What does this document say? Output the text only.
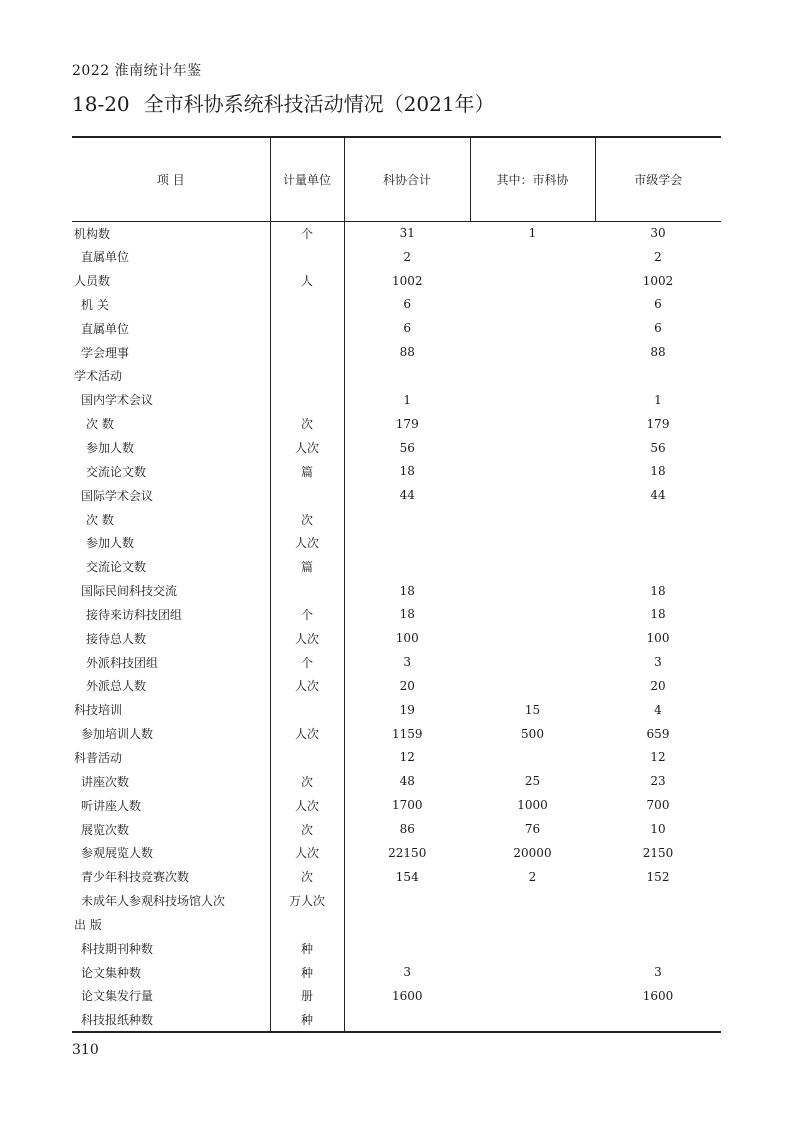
2022 淮南统计年鉴
18-20 全市科协系统科技活动情况（2021年）
项 目	计量单位	科协合计	其中：市科协	市级学会
机构数	个	31	1	30
直属单位		2		2
人员数	人	1002		1002
机 关		6		6
直属单位		6		6
学会理事		88		88
学术活动				
国内学术会议		1		1
次 数	次	179		179
参加人数	人次	56		56
交流论文数	篇	18		18
国际学术会议		44		44
次 数	次			
参加人数	人次			
交流论文数	篇			
国际民间科技交流		18		18
接待来访科技团组	个	18		18
接待总人数	人次	100		100
外派科技团组	个	3		3
外派总人数	人次	20		20
科技培训		19	15	4
参加培训人数	人次	1159	500	659
科普活动		12		12
讲座次数	次	48	25	23
听讲座人数	人次	1700	1000	700
展览次数	次	86	76	10
参观展览人数	人次	22150	20000	2150
青少年科技竞赛次数	次	154	2	152
未成年人参观科技场馆人次	万人次			
出 版				
科技期刊种数	种			
论文集种数	种	3		3
论文集发行量	册	1600		1600
科技报纸种数	种			
310
